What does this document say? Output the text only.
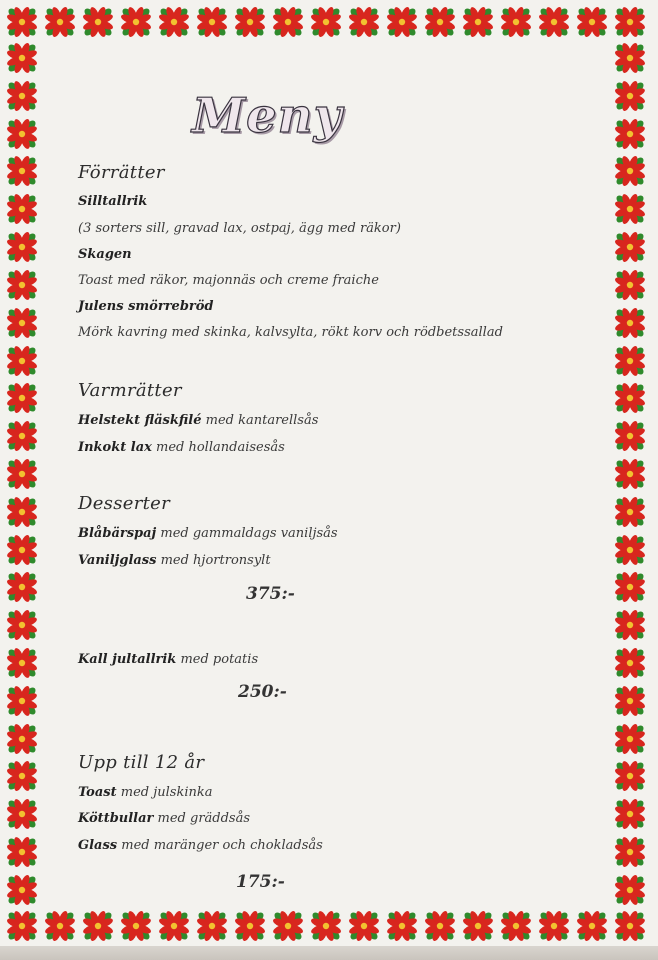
Meny
Förrätter
Silltallrik
(3 sorters sill, gravad lax, ostpaj, ägg med räkor)
Skagen
Toast med räkor, majonnäs och creme fraiche
Julens smörrebröd
Mörk kavring med skinka, kalvsylta, rökt korv och rödbetssallad
Varmrätter
Helstekt fläskfilé med kantarellsås
Inkokt lax med hollandaisesås
Desserter
Blåbärspaj med gammaldags vaniljsås
Vaniljglass med hjortronsylt
375:-
Kall jultallrik med potatis
250:-
Upp till 12 år
Toast med julskinka
Köttbullar med gräddsås
Glass med maränger och chokladsås
175:-
